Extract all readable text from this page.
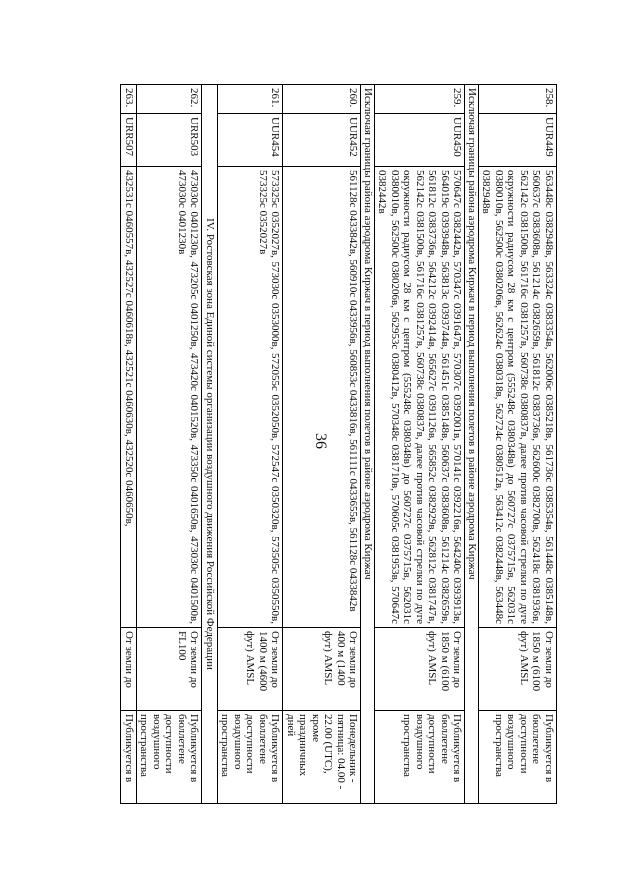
36
258.	UUR449	563448с 0382948в, 563324с 0383354в, 562006с 0385218в, 561736с 0385354в, 561448с 0385148в, 560637с 0383608в, 561214с 0382659в, 561812с 0383736в, 562600с 0382700в, 562418с 0381936в, 562142с 0381500в, 561716с 0381257в, 560738с 0380837в, далее против часовой стрелки по дуге окружности радиусом 28 км с центром (555248с 0380348в) до 560727с 0375715в, 562031с 0380010в, 562500с 0380206в, 562624с 0380318в, 562724с 0380512в, 563412с 0382448в, 563448с 0382948в	От земли до 1850 м (6100 фут) AMSL	Публикуется в бюллетене доступности воздушного пространства
Исключая границы района аэродрома Киржач в период выполнения полетов в районе аэродрома Киржач				
259.	UUR450	570647с 0382442в, 570347с 0391647в, 570307с 0392001в, 570141с 0392216в, 564240с 0393913в, 564019с 0393948в, 563813с 0393744в, 561451с 0385148в, 560637с 0383608в, 561214с 0382659в, 561812с 0383736в, 564212с 0392414в, 565627с 0391126в, 565852с 0382929в, 562812с 0381747в, 562142с 0381500в, 561716с 0381257в, 560738с 0380837в, далее против часовой стрелки по дуге окружности радиусом 28 км с центром (555248с 0380348в) до 560727с 0375715в, 562031с 0380010в, 562500с 0380206в, 562953с 0380412в, 570348с 0381710в, 570605с 0381953в, 570647с 0382442в	От земли до 1850 м (6100 фут) AMSL	Публикуется в бюллетене доступности воздушного пространства
Исключая границы района аэродрома Киржач в период выполнения полетов в районе аэродрома Киржач				
260.	UUR452	561128с 0433842в, 560910с 0433956в, 560853с 0433816в, 561111с 0433655в, 561128с 0433842в	От земли до 400 м (1400 фут) AMSL	Понедельник - пятница: 04.00 - 22.00 (UTC), кроме праздничных дней
261.	UUR454	573325с 0352027в, 573030с 0353000в, 572055с 0352050в, 572547с 0350320в, 573505с 0350550в, 573325с 0352027в	От земли до 1400 м (4600 фут) AMSL	Публикуется в бюллетене доступности воздушного пространства
IV. Ростовская зона Единой системы организации воздушного движения Российской Федерации				
262.	URR503	473030с 0401230в, 473205с 0401250в, 473420с 0401520в, 473350с 0401650в, 473030с 0401500в, 473030с 0401230в	От земли до FL100	Публикуется в бюллетене доступности воздушного пространства
263.	URR507	432531с 0460557в, 432527с 0460618в, 432521с 0460630в, 432520с 0460650в,	От земли до	Публикуется в
